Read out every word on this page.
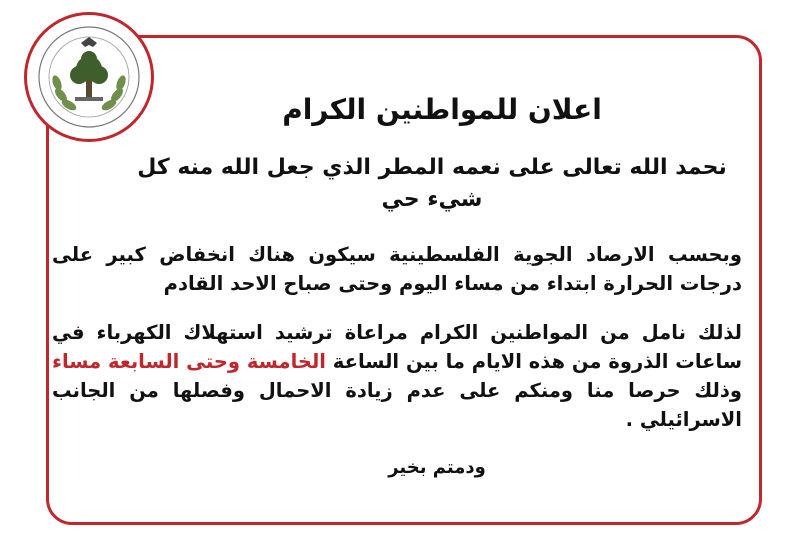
اعلان للمواطنين الكرام
نحمد الله تعالى على نعمه المطر الذي جعل الله منه كل شيء حي

وبحسب الارصاد الجوية الفلسطينية سيكون هناك انخفاض كبير على درجات الحرارة ابتداء من مساء اليوم وحتى صباح الاحد القادم

لذلك نامل من المواطنين الكرام مراعاة ترشيد استهلاك الكهرباء في ساعات الذروة من هذه الايام ما بين الساعة الخامسة وحتى السابعة مساء وذلك حرصا منا ومنكم على عدم زيادة الاحمال وفصلها من الجانب الاسرائيلي .

ودمتم بخير
